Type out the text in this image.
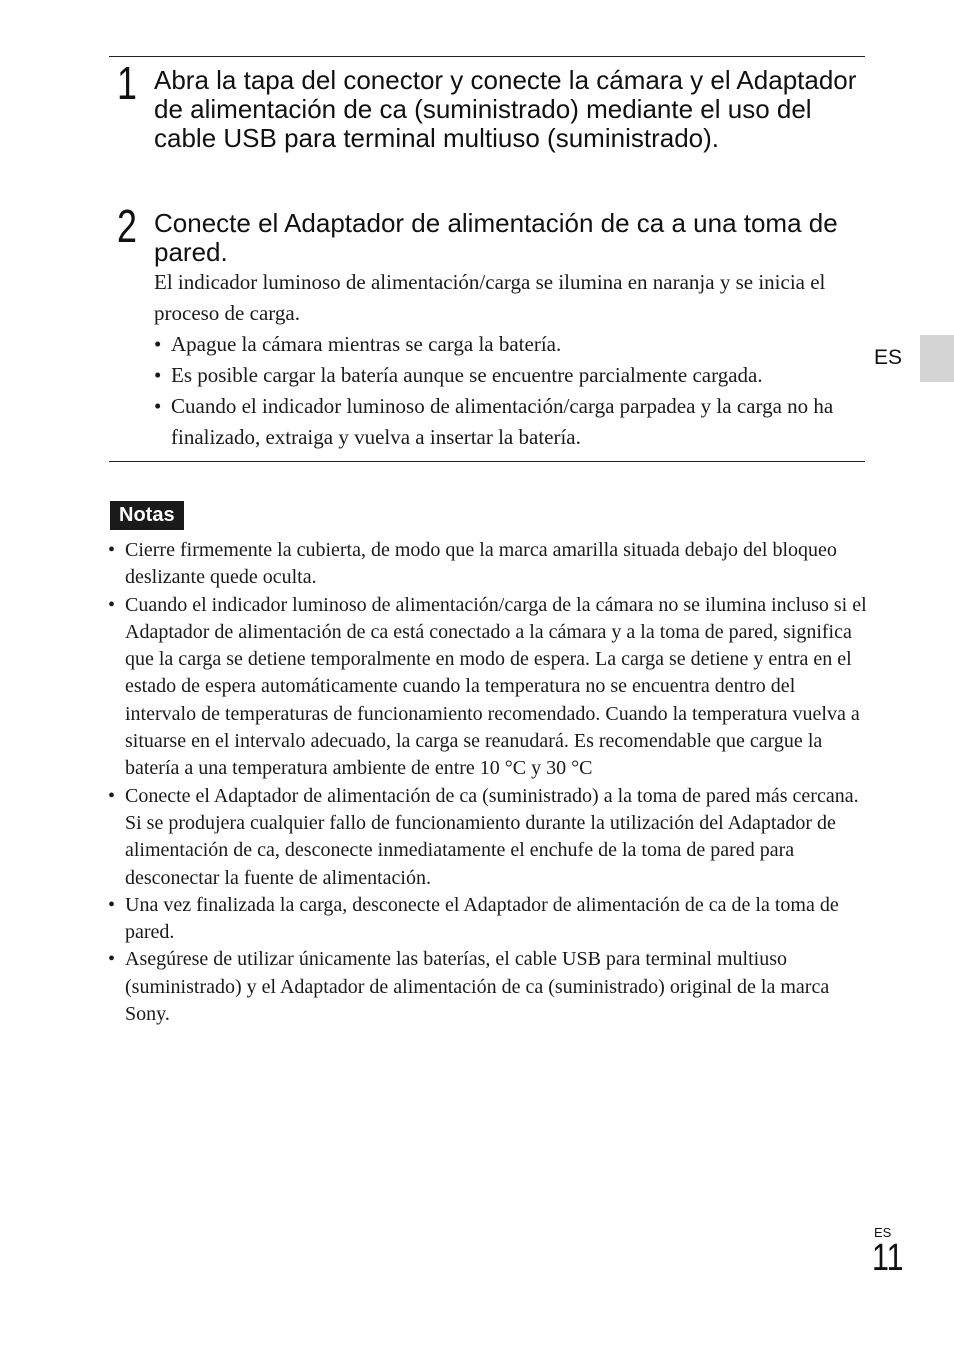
1 Abra la tapa del conector y conecte la cámara y el Adaptador de alimentación de ca (suministrado) mediante el uso del cable USB para terminal multiuso (suministrado).
2 Conecte el Adaptador de alimentación de ca a una toma de pared.

El indicador luminoso de alimentación/carga se ilumina en naranja y se inicia el proceso de carga.

• Apague la cámara mientras se carga la batería.
• Es posible cargar la batería aunque se encuentre parcialmente cargada.
• Cuando el indicador luminoso de alimentación/carga parpadea y la carga no ha finalizado, extraiga y vuelva a insertar la batería.
ES
Notas
• Cierre firmemente la cubierta, de modo que la marca amarilla situada debajo del bloqueo deslizante quede oculta.
• Cuando el indicador luminoso de alimentación/carga de la cámara no se ilumina incluso si el Adaptador de alimentación de ca está conectado a la cámara y a la toma de pared, significa que la carga se detiene temporalmente en modo de espera. La carga se detiene y entra en el estado de espera automáticamente cuando la temperatura no se encuentra dentro del intervalo de temperaturas de funcionamiento recomendado. Cuando la temperatura vuelva a situarse en el intervalo adecuado, la carga se reanudará. Es recomendable que cargue la batería a una temperatura ambiente de entre 10 °C y 30 °C
• Conecte el Adaptador de alimentación de ca (suministrado) a la toma de pared más cercana. Si se produjera cualquier fallo de funcionamiento durante la utilización del Adaptador de alimentación de ca, desconecte inmediatamente el enchufe de la toma de pared para desconectar la fuente de alimentación.
• Una vez finalizada la carga, desconecte el Adaptador de alimentación de ca de la toma de pared.
• Asegúrese de utilizar únicamente las baterías, el cable USB para terminal multiuso (suministrado) y el Adaptador de alimentación de ca (suministrado) original de la marca Sony.
ES
11
